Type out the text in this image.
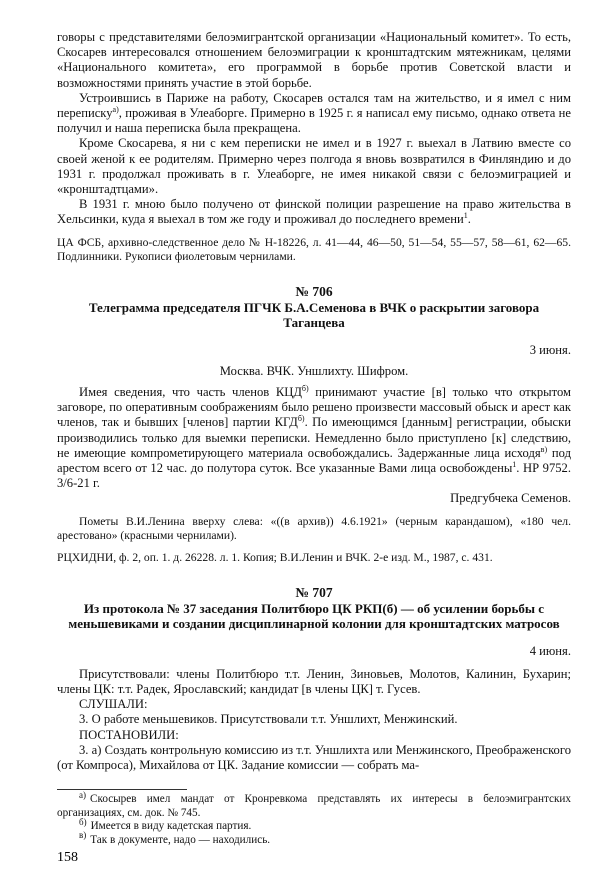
говоры с представителями белоэмигрантской организации «Национальный комитет». То есть, Скосарев интересовался отношением белоэмиграции к кронштадтским мятежникам, целями «Национального комитета», его программой в борьбе против Советской власти и возможностями принять участие в этой борьбе.

Устроившись в Париже на работу, Скосарев остался там на жительство, и я имел с ним переписку$^{а)}$, проживая в Улеаборге. Примерно в 1925 г. я написал ему письмо, однако ответа не получил и наша переписка была прекращена.

Кроме Скосарева, я ни с кем переписки не имел и в 1927 г. выехал в Латвию вместе со своей женой к ее родителям. Примерно через полгода я вновь возвратился в Финляндию и до 1931 г. продолжал проживать в г. Улеаборге, не имея никакой связи с белоэмиграцией и «кронштадтцами».

В 1931 г. мною было получено от финской полиции разрешение на право жительства в Хельсинки, куда я выехал в том же году и проживал до последнего времени$^1$.

ЦА ФСБ, архивно-следственное дело № Н-18226, л. 41—44, 46—50, 51—54, 55—57, 58—61, 62—65. Подлинники. Рукописи фиолетовым чернилами.

№ 706
Телеграмма председателя ПГЧК Б.А.Семенова в ВЧК о раскрытии заговора Таганцева
3 июня.
Москва. ВЧК. Уншлихту. Шифром.

Имея сведения, что часть членов $КЦД^{б)}$ принимают участие [в] только что открытом заговоре, по оперативным соображениям было решено произвести массовый обыск и арест как членов, так и бывших [членов] партии $КГД^{б)}$. По имеющимся [данным] регистрации, обыски производились только для выемки переписки. Немедленно было приступлено [к] следствию, не имеющие компрометирующего материала освобождались. Задержанные лица исходя$^{в)}$ под арестом всего от 12 час. до полутора суток. Все указанные Вами лица освобождены$^1$. НР 9752. 3/6-21 г.

Предгубчека Семенов.

Пометы В.И.Ленина вверху слева: «((в архив)) 4.6.1921» (черным карандашом), «180 чел. арестовано» (красными чернилами).

РЦХИДНИ, ф. 2, оп. 1. д. 26228. л. 1. Копия; В.И.Ленин и ВЧК. 2-е изд. М., 1987, с. 431.

№ 707
Из протокола № 37 заседания Политбюро ЦК РКП(б) — об усилении борьбы с меньшевиками и создании дисциплинарной колонии для кронштадтских матросов
4 июня.

Присутствовали: члены Политбюро т.т. Ленин, Зиновьев, Молотов, Калинин, Бухарин; члены ЦК: т.т. Радек, Ярославский; кандидат [в члены ЦК] т. Гусев.

СЛУШАЛИ:

3. О работе меньшевиков. Присутствовали т.т. Уншлихт, Менжинский.

ПОСТАНОВИЛИ:

3. а) Создать контрольную комиссию из т.т. Уншлихта или Менжинского, Преображенского (от Компроса), Михайлова от ЦК. Задание комиссии — собрать ма-

$^{а)}$ Скосырев имел мандат от Кронревкома представлять их интересы в белоэмигрантских организациях, см. док. № 745.

$^{б)}$ Имеется в виду кадетская партия.

$^{в)}$ Так в документе, надо — находились.

158
